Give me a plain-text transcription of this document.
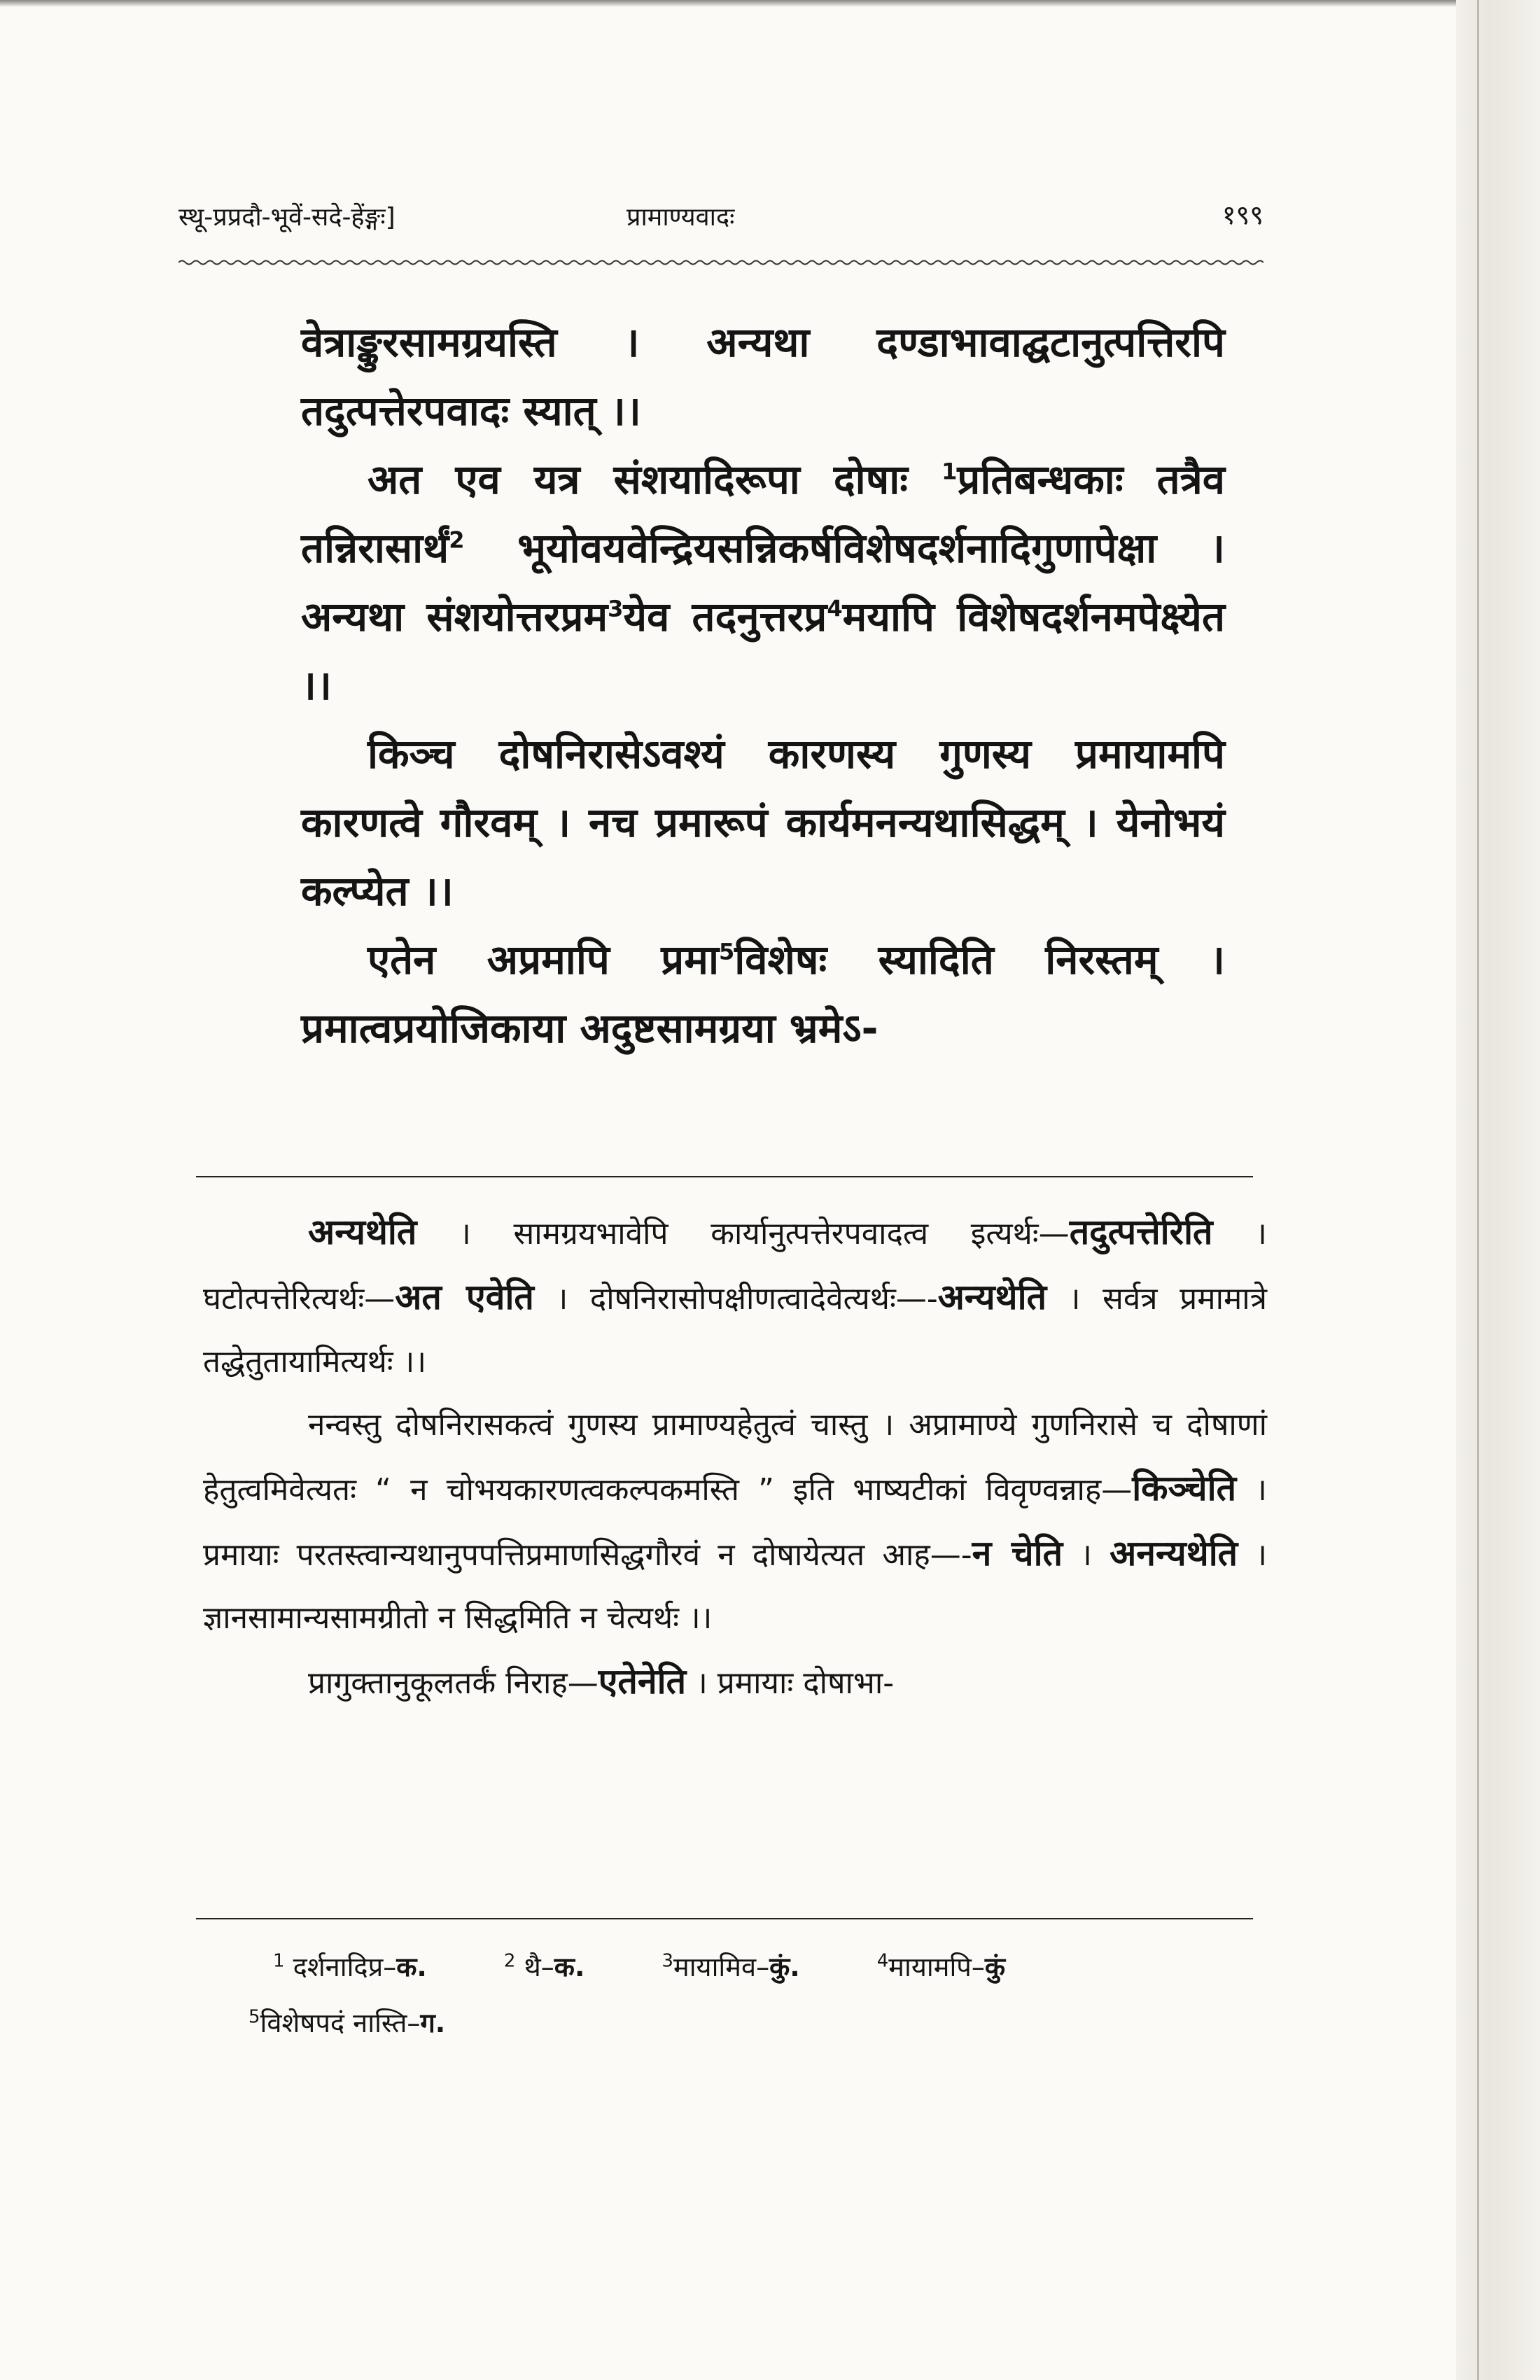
स्थू-प्रप्रदौ-भूवें-सदे-हेंङ्गः]	प्रामाण्यवादः	१९९

वेत्राङ्कुरसामग्रयस्ति । अन्यथा दण्डाभावाद्घटानुत्पत्तिरपि तदुत्पत्तेरपवादः स्यात् ।।

अत एव यत्र संशयादिरूपा दोषाः $^1$प्रतिबन्धकाः तत्रैव तन्निरासार्थं$^2$ भूयोवयवेन्द्रियसन्निकर्षविशेषदर्शनादिगुणापेक्षा । अन्यथा संशयोत्तरप्रम$^3$येव तदनुत्तरप्र$^4$मयापि विशेषदर्शनमपेक्ष्येत ।।

किञ्च दोषनिरासेऽवश्यं कारणस्य गुणस्य प्रमायामपि कारणत्वे गौरवम् । नच प्रमारूपं कार्यमनन्यथासिद्धम् । येनोभयं कल्प्येत ।।

एतेन अप्रमापि प्रमा$^5$विशेषः स्यादिति निरस्तम् । प्रमात्वप्रयोजिकाया अदुष्टसामग्रया भ्रमेऽ-

अन्यथेति । सामग्रयभावेपि कार्यानुत्पत्तेरपवादत्व इत्यर्थः—तदुत्पत्तेरिति । घटोत्पत्तेरित्यर्थः—अत एवेति । दोषनिरासोपक्षीणत्वादेवेत्यर्थः—-अन्यथेति । सर्वत्र प्रमामात्रे तद्धेतुतायामित्यर्थः ।।

नन्वस्तु दोषनिरासकत्वं गुणस्य प्रामाण्यहेतुत्वं चास्तु । अप्रामाण्ये गुणनिरासे च दोषाणां हेतुत्वमिवेत्यतः “ न चोभयकारणत्वकल्पकमस्ति ” इति भाष्यटीकां विवृण्वन्नाह—किञ्चेति । प्रमायाः परतस्त्वान्यथानुपपत्तिप्रमाणसिद्धगौरवं न दोषायेत्यत आह—-न चेति । अनन्यथेति । ज्ञानसामान्यसामग्रीतो न सिद्धमिति न चेत्यर्थः ।।

प्रागुक्तानुकूलतर्कं निराह—एतेनेति । प्रमायाः दोषाभा-

$^1$ दर्शनादिप्र–क.	$^2$ थै–क.	$^3$मायामिव–कुं.	$^4$मायामपि–कुं
$^5$विशेषपदं नास्ति–ग.
